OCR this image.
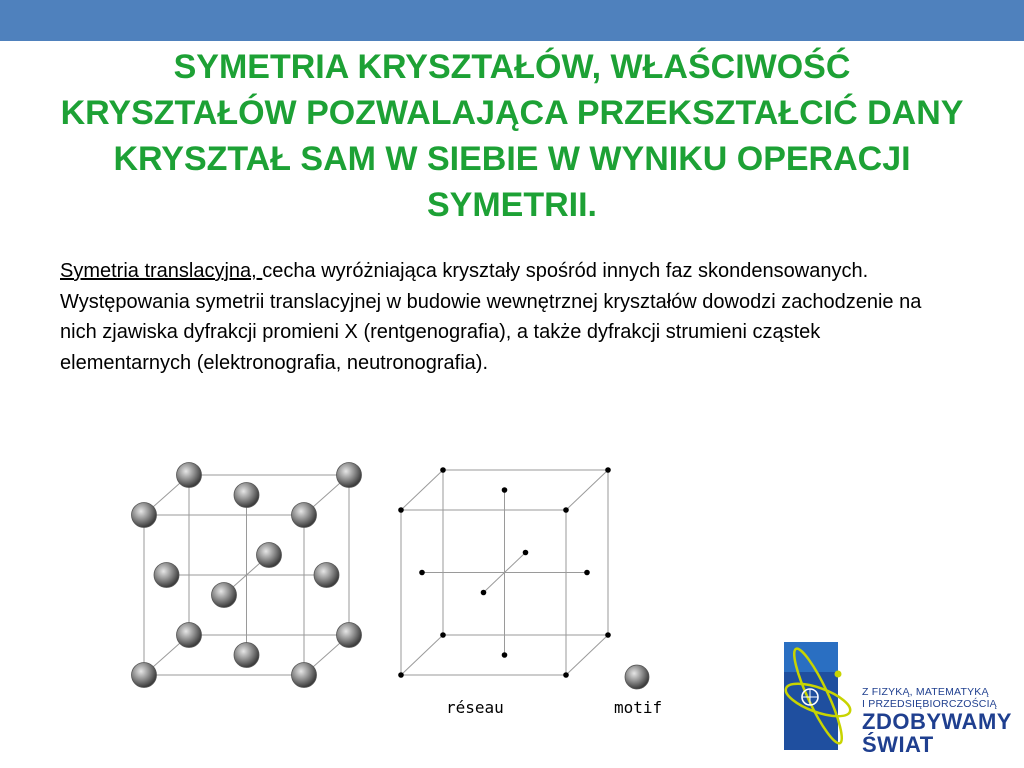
SYMETRIA KRYSZTAŁÓW, WŁAŚCIWOŚĆ KRYSZTAŁÓW POZWALAJĄCA PRZEKSZTAŁCIĆ DANY KRYSZTAŁ SAM W SIEBIE W WYNIKU OPERACJI SYMETRII.

Symetria translacyjna, cecha wyróżniająca kryształy spośród innych faz skondensowanych. Występowania symetrii translacyjnej w budowie wewnętrznej kryształów dowodzi zachodzenie na nich zjawiska dyfrakcji promieni X (rentgenografia), a także dyfrakcji strumieni cząstek elementarnych (elektronografia, neutronografia).

réseau	motif
Z FIZYKĄ, MATEMATYKĄ
I PRZEDSIĘBIORCZOŚCIĄ
ZDOBYWAMY
ŚWIAT
